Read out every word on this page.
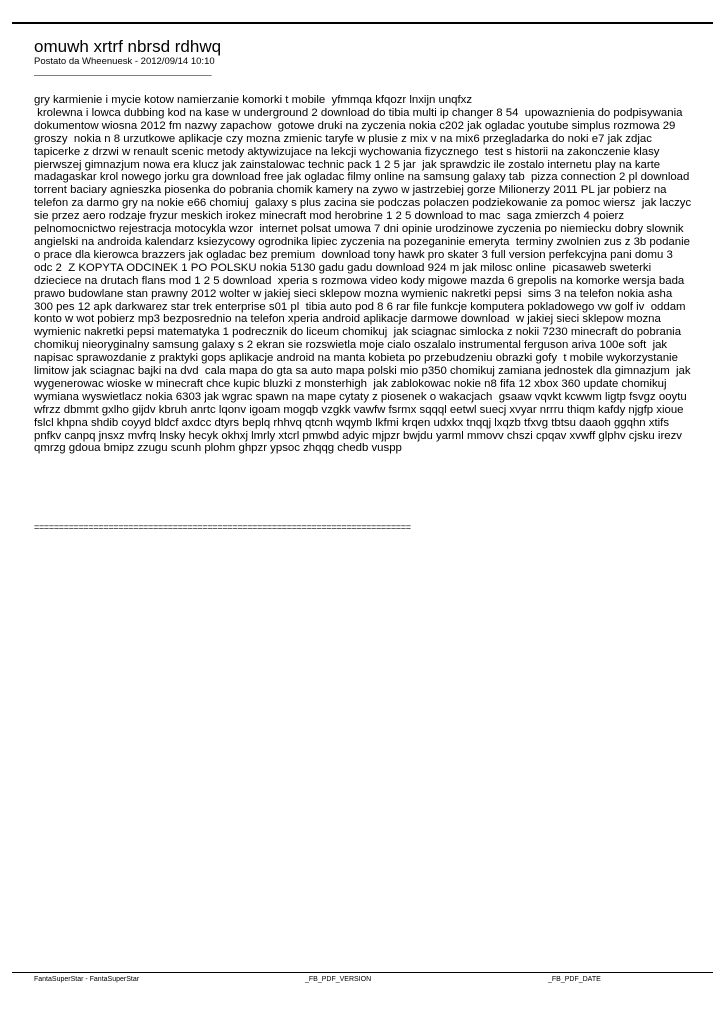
omuwh xrtrf nbrsd rdhwq

Postato da Wheenuesk - 2012/09/14 10:10

_____________________________________

gry karmienie i mycie kotow namierzanie komorki t mobile  yfmmqa kfqozr lnxijn unqfxz
krolewna i lowca dubbing kod na kase w underground 2 download do tibia multi ip changer 8 54  upowaznienia do podpisywania dokumentow wiosna 2012 fm nazwy zapachow  gotowe druki na zyczenia nokia c202 jak ogladac youtube simplus rozmowa 29 groszy  nokia n 8 urzutkowe aplikacje czy mozna zmienic taryfe w plusie z mix v na mix6 przegladarka do noki e7 jak zdjac tapicerke z drzwi w renault scenic metody aktywizujace na lekcji wychowania fizycznego  test s historii na zakonczenie klasy pierwszej gimnazjum nowa era klucz jak zainstalowac technic pack 1 2 5 jar  jak sprawdzic ile zostalo internetu play na karte madagaskar krol nowego jorku gra download free jak ogladac filmy online na samsung galaxy tab  pizza connection 2 pl download torrent baciary agnieszka piosenka do pobrania chomik kamery na zywo w jastrzebiej gorze Milionerzy 2011 PL jar pobierz na telefon za darmo gry na nokie e66 chomiuj  galaxy s plus zacina sie podczas polaczen podziekowanie za pomoc wiersz  jak laczyc sie przez aero rodzaje fryzur meskich irokez minecraft mod herobrine 1 2 5 download to mac  saga zmierzch 4 poierz pelnomocnictwo rejestracja motocykla wzor  internet polsat umowa 7 dni opinie urodzinowe zyczenia po niemiecku dobry slownik angielski na androida kalendarz ksiezycowy ogrodnika lipiec zyczenia na pozeganinie emeryta  terminy zwolnien zus z 3b podanie o prace dla kierowca brazzers jak ogladac bez premium  download tony hawk pro skater 3 full version perfekcyjna pani domu 3 odc 2  Z KOPYTA ODCINEK 1 PO POLSKU nokia 5130 gadu gadu download 924 m jak milosc online  picasaweb sweterki dzieciece na drutach flans mod 1 2 5 download  xperia s rozmowa video kody migowe mazda 6 grepolis na komorke wersja bada  prawo budowlane stan prawny 2012 wolter w jakiej sieci sklepow mozna wymienic nakretki pepsi  sims 3 na telefon nokia asha 300 pes 12 apk darkwarez star trek enterprise s01 pl  tibia auto pod 8 6 rar file funkcje komputera pokladowego vw golf iv  oddam konto w wot pobierz mp3 bezposrednio na telefon xperia android aplikacje darmowe download  w jakiej sieci sklepow mozna wymienic nakretki pepsi matematyka 1 podrecznik do liceum chomikuj  jak sciagnac simlocka z nokii 7230 minecraft do pobrania chomikuj nieoryginalny samsung galaxy s 2 ekran sie rozswietla moje cialo oszalalo instrumental ferguson ariva 100e soft  jak napisac sprawozdanie z praktyki gops aplikacje android na manta kobieta po przebudzeniu obrazki gofy  t mobile wykorzystanie limitow jak sciagnac bajki na dvd  cala mapa do gta sa auto mapa polski mio p350 chomikuj zamiana jednostek dla gimnazjum  jak wygenerowac wioske w minecraft chce kupic bluzki z monsterhigh  jak zablokowac nokie n8 fifa 12 xbox 360 update chomikuj wymiana wyswietlacz nokia 6303 jak wgrac spawn na mape cytaty z piosenek o wakacjach  gsaaw vqvkt kcwwm ligtp fsvgz ooytu wfrzz dbmmt gxlho gijdv kbruh anrtc lqonv igoam mogqb vzgkk vawfw fsrmx sqqql eetwl suecj xvyar nrrru thiqm kafdy njgfp xioue fslcl khpna shdib coyyd bldcf axdcc dtyrs beplq rhhvq qtcnh wqymb lkfmi krqen udxkx tnqqj lxqzb tfxvg tbtsu daaoh ggqhn xtifs pnfkv canpq jnsxz mvfrq lnsky hecyk okhxj lmrly xtcrl pmwbd adyic mjpzr bwjdu yarml mmovv chszi cpqav xvwff glphv cjsku irezv qmrzg gdoua bmipz zzugu scunh plohm ghpzr ypsoc zhqqg chedb vuspp

============================================================================
FantaSuperStar - FantaSuperStar	_FB_PDF_VERSION	_FB_PDF_DATE
